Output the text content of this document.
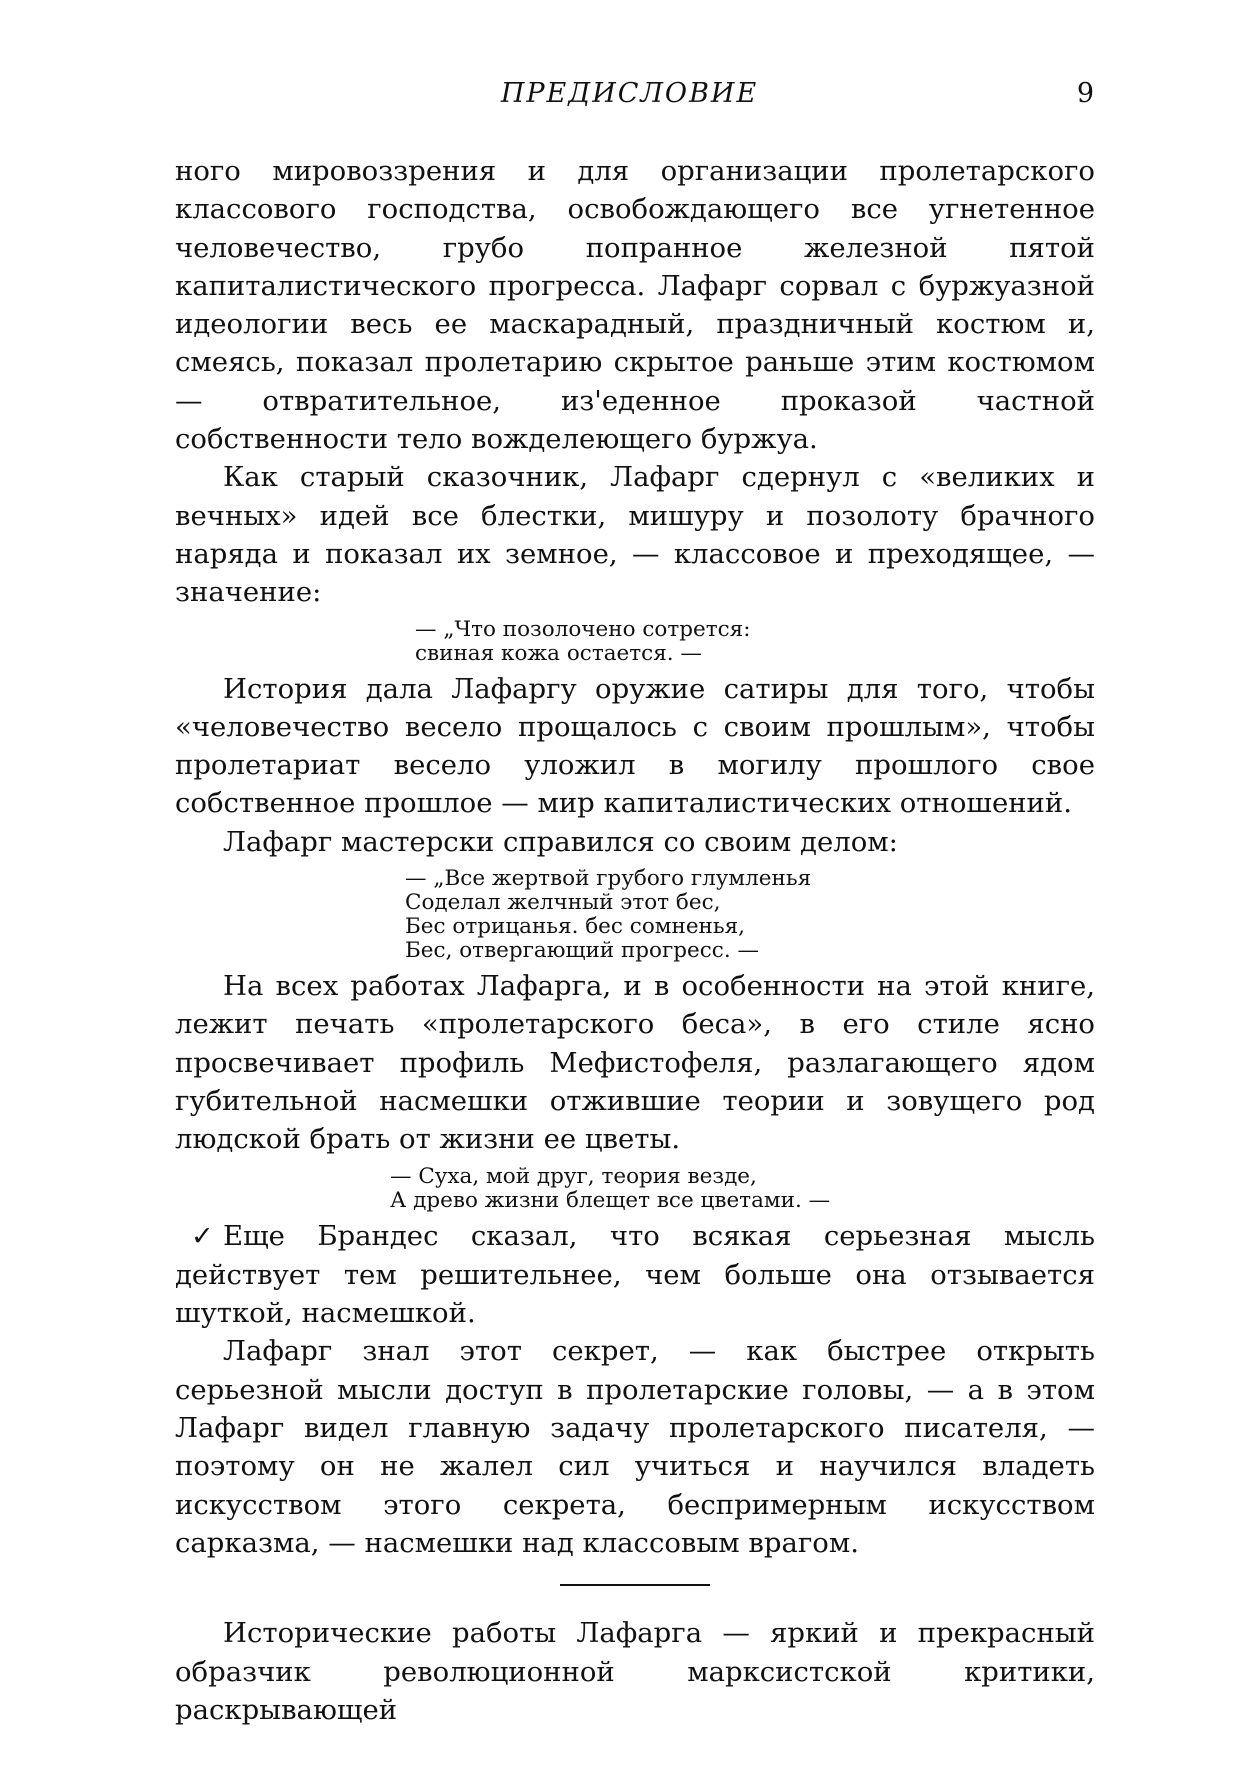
ПРЕДИСЛОВИЕ	9

ного мировоззрения и для организации пролетарского классового господства, освобождающего все угнетенное человечество, грубо попранное железной пятой капиталистического прогресса. Лафарг сорвал с буржуазной идеологии весь ее маскарадный, праздничный костюм и, смеясь, показал пролетарию скрытое раньше этим костюмом — отвратительное, из'еденное проказой частной собственности тело вожделеющего буржуа.

Как старый сказочник, Лафарг сдернул с «великих и вечных» идей все блестки, мишуру и позолоту брачного наряда и показал их земное, — классовое и преходящее, — значение:

— „Что позолочено сотрется:
свиная кожа остается. —

История дала Лафаргу оружие сатиры для того, чтобы «человечество весело прощалось с своим прошлым», чтобы пролетариат весело уложил в могилу прошлого свое собственное прошлое — мир капиталистических отношений.

Лафарг мастерски справился со своим делом:

— „Все жертвой грубого глумленья
Соделал желчный этот бес,
Бес отрицанья. бес сомненья,
Бес, отвергающий прогресс. —

На всех работах Лафарга, и в особенности на этой книге, лежит печать «пролетарского беса», в его стиле ясно просвечивает профиль Мефистофеля, разлагающего ядом губительной насмешки отжившие теории и зовущего род людской брать от жизни ее цветы.

— Суха, мой друг, теория везде,
А древо жизни блещет все цветами. —

✓ Еще Брандес сказал, что всякая серьезная мысль действует тем решительнее, чем больше она отзывается шуткой, насмешкой.

Лафарг знал этот секрет, — как быстрее открыть серьезной мысли доступ в пролетарские головы, — а в этом Лафарг видел главную задачу пролетарского писателя, — поэтому он не жалел сил учиться и научился владеть искусством этого секрета, беспримерным искусством сарказма, — насмешки над классовым врагом.

Исторические работы Лафарга — яркий и прекрасный образчик революционной марксистской критики, раскрывающей
